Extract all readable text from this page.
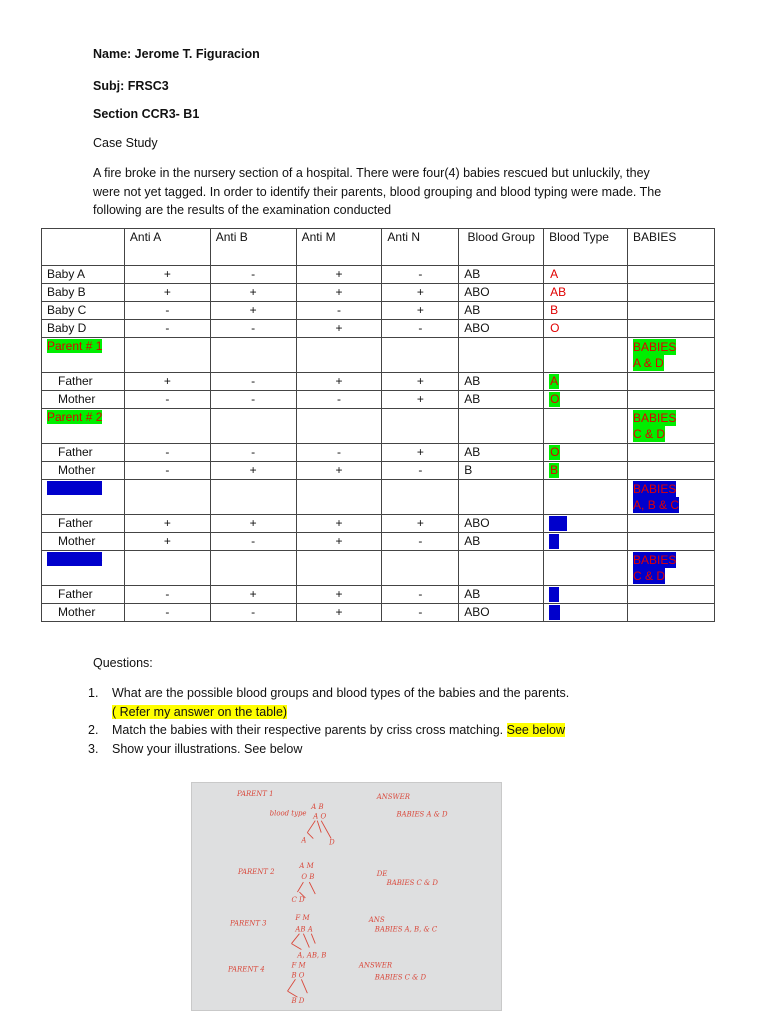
Name: Jerome T. Figuracion
Subj: FRSC3
Section CCR3- B1
Case Study
A fire broke in the nursery section of a hospital. There were four(4) babies rescued but unluckily, they
were not yet tagged. In order to identify their parents, blood grouping and blood typing were made. The
following are the results of the examination conducted
	Anti A	Anti B	Anti M	Anti N	Blood Group	Blood Type	BABIES
Baby A	+	-	+	-	AB	A	
Baby B	+	+	+	+	ABO	AB	
Baby C	-	+	-	+	AB	B	
Baby D	-	-	+	-	ABO	O	
Parent # 1							BABIES
A & D
Father	+	-	+	+	AB	A	
Mother	-	-	-	+	AB	O	
Parent # 2							BABIES
C & D
Father	-	-	-	+	AB	O	
Mother	-	+	+	-	B	B	
Parent # 3							BABIES
A, B & C
Father	+	+	+	+	ABO	AB	
Mother	+	-	+	-	AB	A	
Parent # 4							BABIES
C & D
Father	-	+	+	-	AB	B	
Mother	-	-	+	-	ABO	O	
Questions:
1. What are the possible blood groups and blood types of the babies and the parents.
( Refer my answer on the table)
2. Match the babies with their respective parents by criss cross matching. See below
3. Show your illustrations. See below
PARENT 1
blood type
A B
A O
A	D
ANSWER
BABIES A & D
PARENT 2
A M
O B
C D
DE
BABIES C & D
PARENT 3
F M
AB A
A, AB, B
ANS
BABIES A, B, & C
PARENT 4	F M
B O
B D
ANSWER
BABIES C & D
